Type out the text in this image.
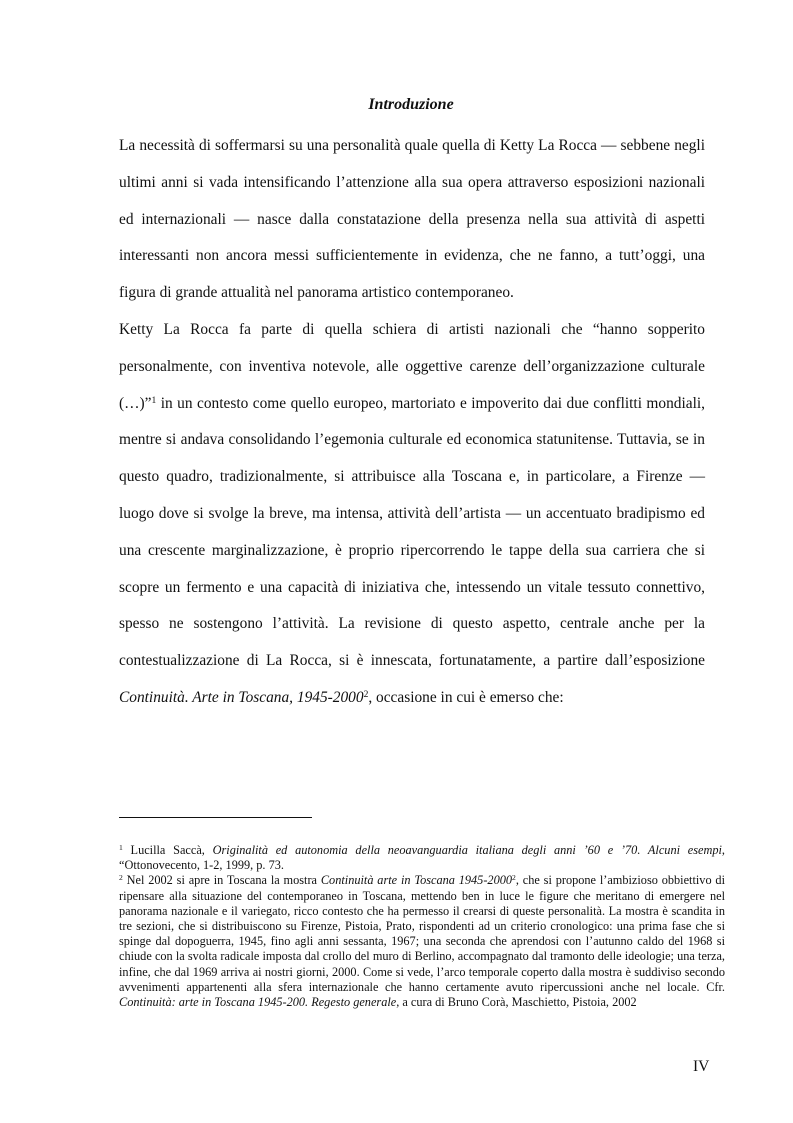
Introduzione

La necessità di soffermarsi su una personalità quale quella di Ketty La Rocca — sebbene negli ultimi anni si vada intensificando l’attenzione alla sua opera attraverso esposizioni nazionali ed internazionali — nasce dalla constatazione della presenza nella sua attività di aspetti interessanti non ancora messi sufficientemente in evidenza, che ne fanno, a tutt’oggi, una figura di grande attualità nel panorama artistico contemporaneo.

Ketty La Rocca fa parte di quella schiera di artisti nazionali che “hanno sopperito personalmente, con inventiva notevole, alle oggettive carenze dell’organizzazione culturale (…)”$^1$ in un contesto come quello europeo, martoriato e impoverito dai due conflitti mondiali, mentre si andava consolidando l’egemonia culturale ed economica statunitense. Tuttavia, se in questo quadro, tradizionalmente, si attribuisce alla Toscana e, in particolare, a Firenze — luogo dove si svolge la breve, ma intensa, attività dell’artista — un accentuato bradipismo ed una crescente marginalizzazione, è proprio ripercorrendo le tappe della sua carriera che si scopre un fermento e una capacità di iniziativa che, intessendo un vitale tessuto connettivo, spesso ne sostengono l’attività. La revisione di questo aspetto, centrale anche per la contestualizzazione di La Rocca, si è innescata, fortunatamente, a partire dall’esposizione Continuità. Arte in Toscana, 1945-2000$^2$, occasione in cui è emerso che:

$^1$ Lucilla Saccà, Originalità ed autonomia della neoavanguardia italiana degli anni ’60 e ’70. Alcuni esempi, “Ottonovecento, 1-2, 1999, p. 73.

$^2$ Nel 2002 si apre in Toscana la mostra Continuità arte in Toscana 1945-2000$^2$, che si propone l’ambizioso obbiettivo di ripensare alla situazione del contemporaneo in Toscana, mettendo ben in luce le figure che meritano di emergere nel panorama nazionale e il variegato, ricco contesto che ha permesso il crearsi di queste personalità. La mostra è scandita in tre sezioni, che si distribuiscono su Firenze, Pistoia, Prato, rispondenti ad un criterio cronologico: una prima fase che si spinge dal dopoguerra, 1945, fino agli anni sessanta, 1967; una seconda che aprendosi con l’autunno caldo del 1968 si chiude con la svolta radicale imposta dal crollo del muro di Berlino, accompagnato dal tramonto delle ideologie; una terza, infine, che dal 1969 arriva ai nostri giorni, 2000. Come si vede, l’arco temporale coperto dalla mostra è suddiviso secondo avvenimenti appartenenti alla sfera internazionale che hanno certamente avuto ripercussioni anche nel locale. Cfr. Continuità: arte in Toscana 1945-200. Regesto generale, a cura di Bruno Corà, Maschietto, Pistoia, 2002

IV
